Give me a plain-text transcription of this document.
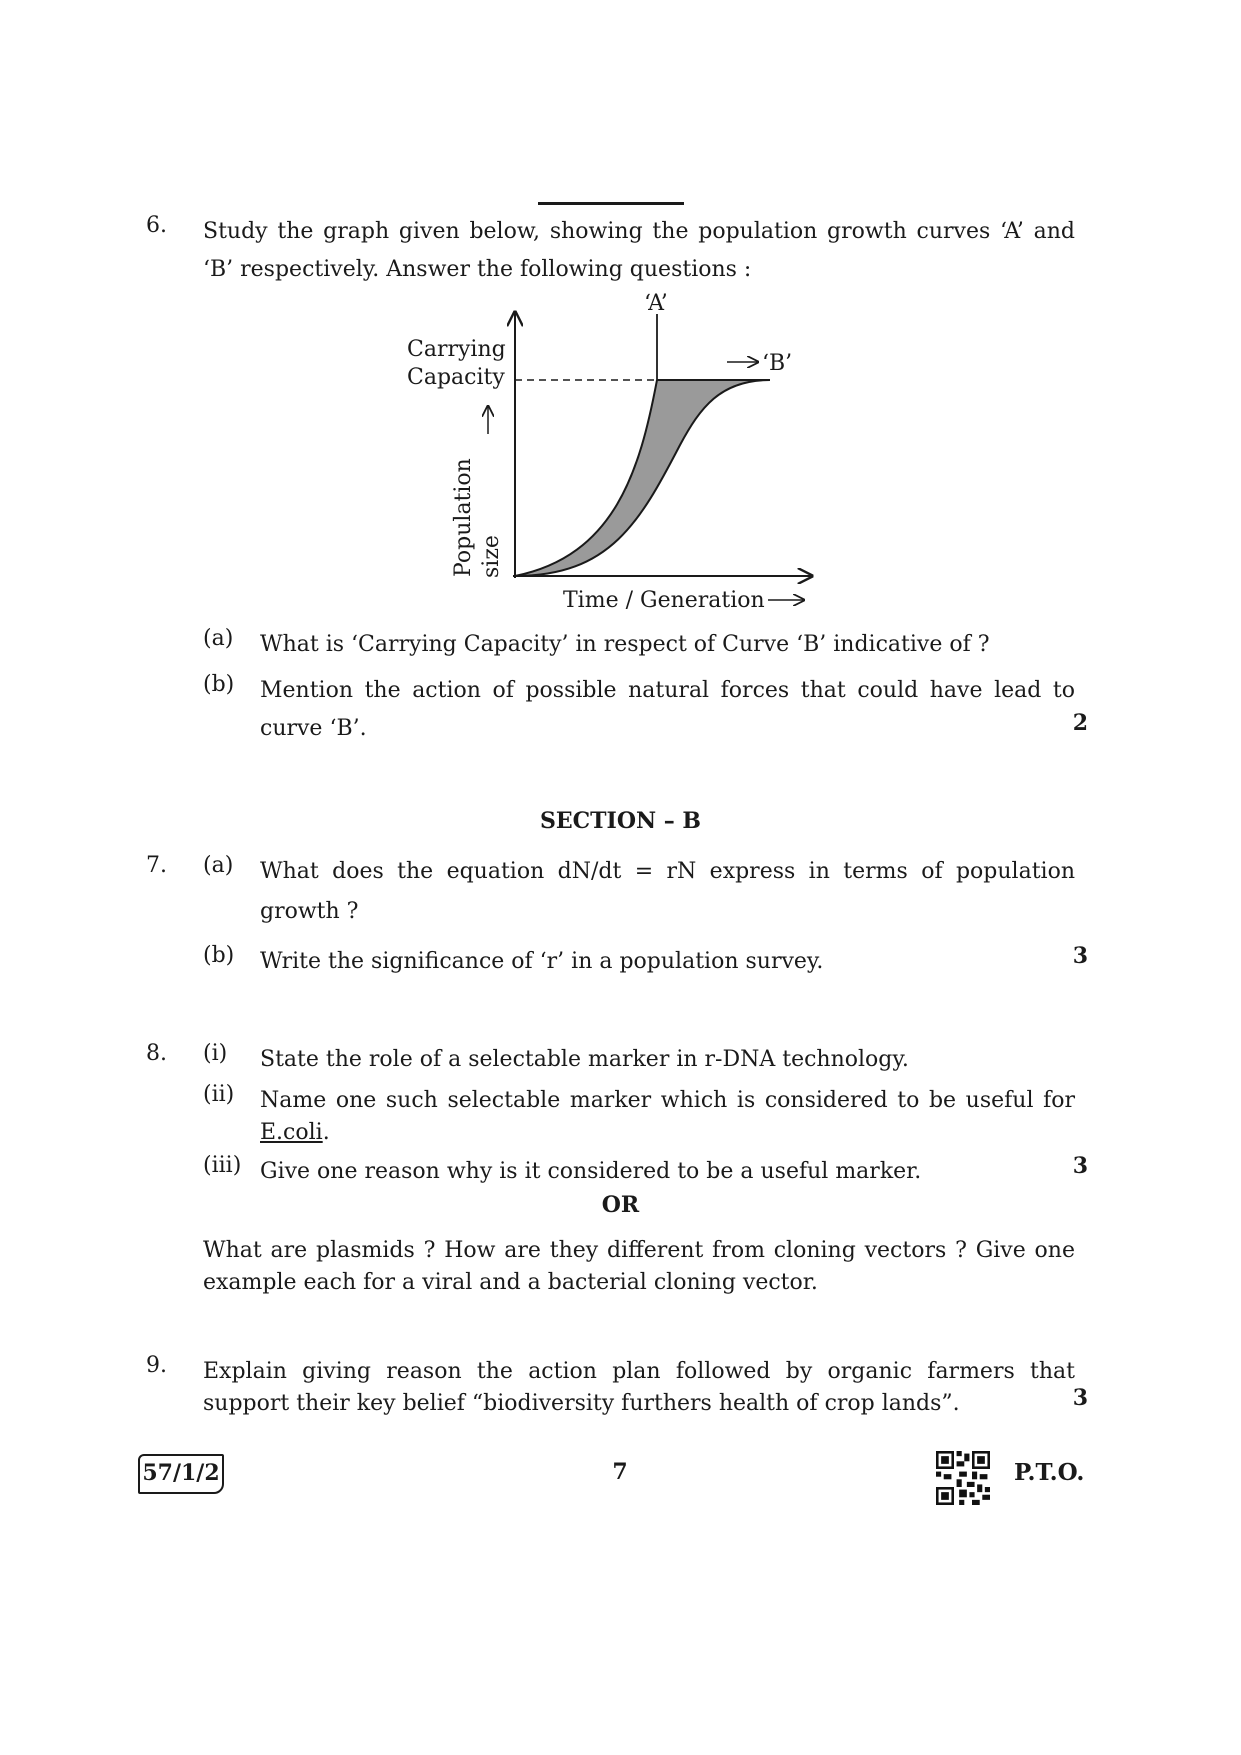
6.	Study the graph given below, showing the population growth curves ‘A’ and
‘B’ respectively. Answer the following questions :
‘A’
Carrying
Capacity
‘B’
Population size
Time / Generation
(a)	What is ‘Carrying Capacity’ in respect of Curve ‘B’ indicative of ?
(b)	Mention the action of possible natural forces that could have lead to
curve ‘B’.	2
SECTION – B
7.	(a)	What does the equation dN/dt = rN express in terms of population
growth ?
(b)	Write the significance of ‘r’ in a population survey.	3
8.	(i)	State the role of a selectable marker in r-DNA technology.
(ii)	Name one such selectable marker which is considered to be useful for
E.coli.
(iii) Give one reason why is it considered to be a useful marker.	3
OR
What are plasmids ? How are they different from cloning vectors ? Give one
example each for a viral and a bacterial cloning vector.
9.	Explain giving reason the action plan followed by organic farmers that
support their key belief “biodiversity furthers health of crop lands”.	3
57/1/2	7	P.T.O.
